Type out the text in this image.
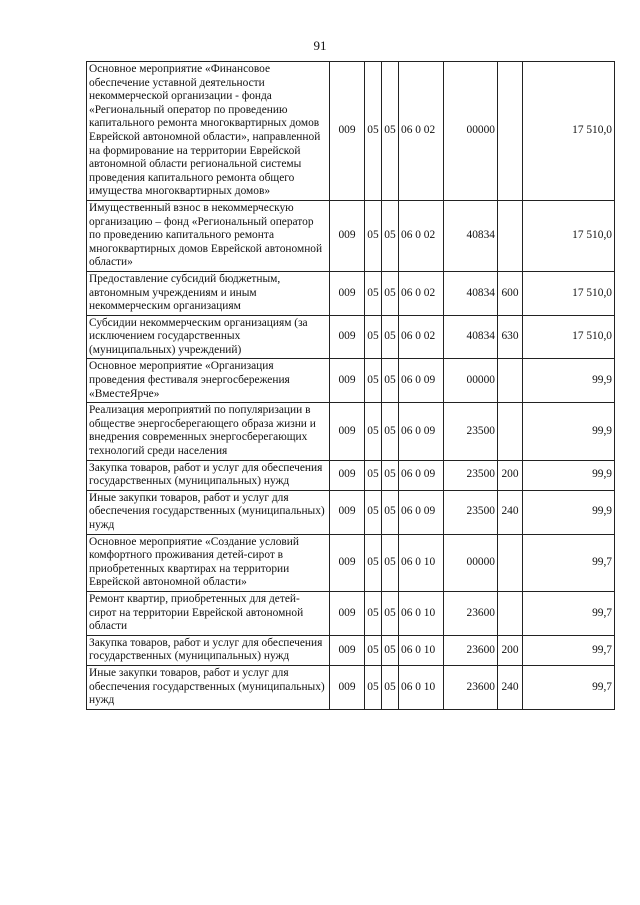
91
Основное мероприятие «Финансовое обеспечение уставной деятельности некоммерческой организации - фонда «Региональный оператор по проведению капитального ремонта многоквартирных домов Еврейской автономной области», направленной на формирование на территории Еврейской автономной области региональной системы проведения капитального ремонта общего имущества многоквартирных домов»	009	05	05	06 0 02	00000		17 510,0
Имущественный взнос в некоммерческую организацию – фонд «Региональный оператор по проведению капитального ремонта многоквартирных домов Еврейской автономной области»	009	05	05	06 0 02	40834		17 510,0
Предоставление субсидий бюджетным, автономным учреждениям и иным некоммерческим организациям	009	05	05	06 0 02	40834	600	17 510,0
Субсидии некоммерческим организациям (за исключением государственных (муниципальных) учреждений)	009	05	05	06 0 02	40834	630	17 510,0
Основное мероприятие «Организация проведения фестиваля энергосбережения «ВместеЯрче»	009	05	05	06 0 09	00000		99,9
Реализация мероприятий по популяризации в обществе энергосберегающего образа жизни и внедрения современных энергосберегающих технологий среди населения	009	05	05	06 0 09	23500		99,9
Закупка товаров, работ и услуг для обеспечения государственных (муниципальных) нужд	009	05	05	06 0 09	23500	200	99,9
Иные закупки товаров, работ и услуг для обеспечения государственных (муниципальных) нужд	009	05	05	06 0 09	23500	240	99,9
Основное мероприятие «Создание условий комфортного проживания детей-сирот в приобретенных квартирах на территории Еврейской автономной области»	009	05	05	06 0 10	00000		99,7
Ремонт квартир, приобретенных для детей-сирот на территории Еврейской автономной области	009	05	05	06 0 10	23600		99,7
Закупка товаров, работ и услуг для обеспечения государственных (муниципальных) нужд	009	05	05	06 0 10	23600	200	99,7
Иные закупки товаров, работ и услуг для обеспечения государственных (муниципальных) нужд	009	05	05	06 0 10	23600	240	99,7
